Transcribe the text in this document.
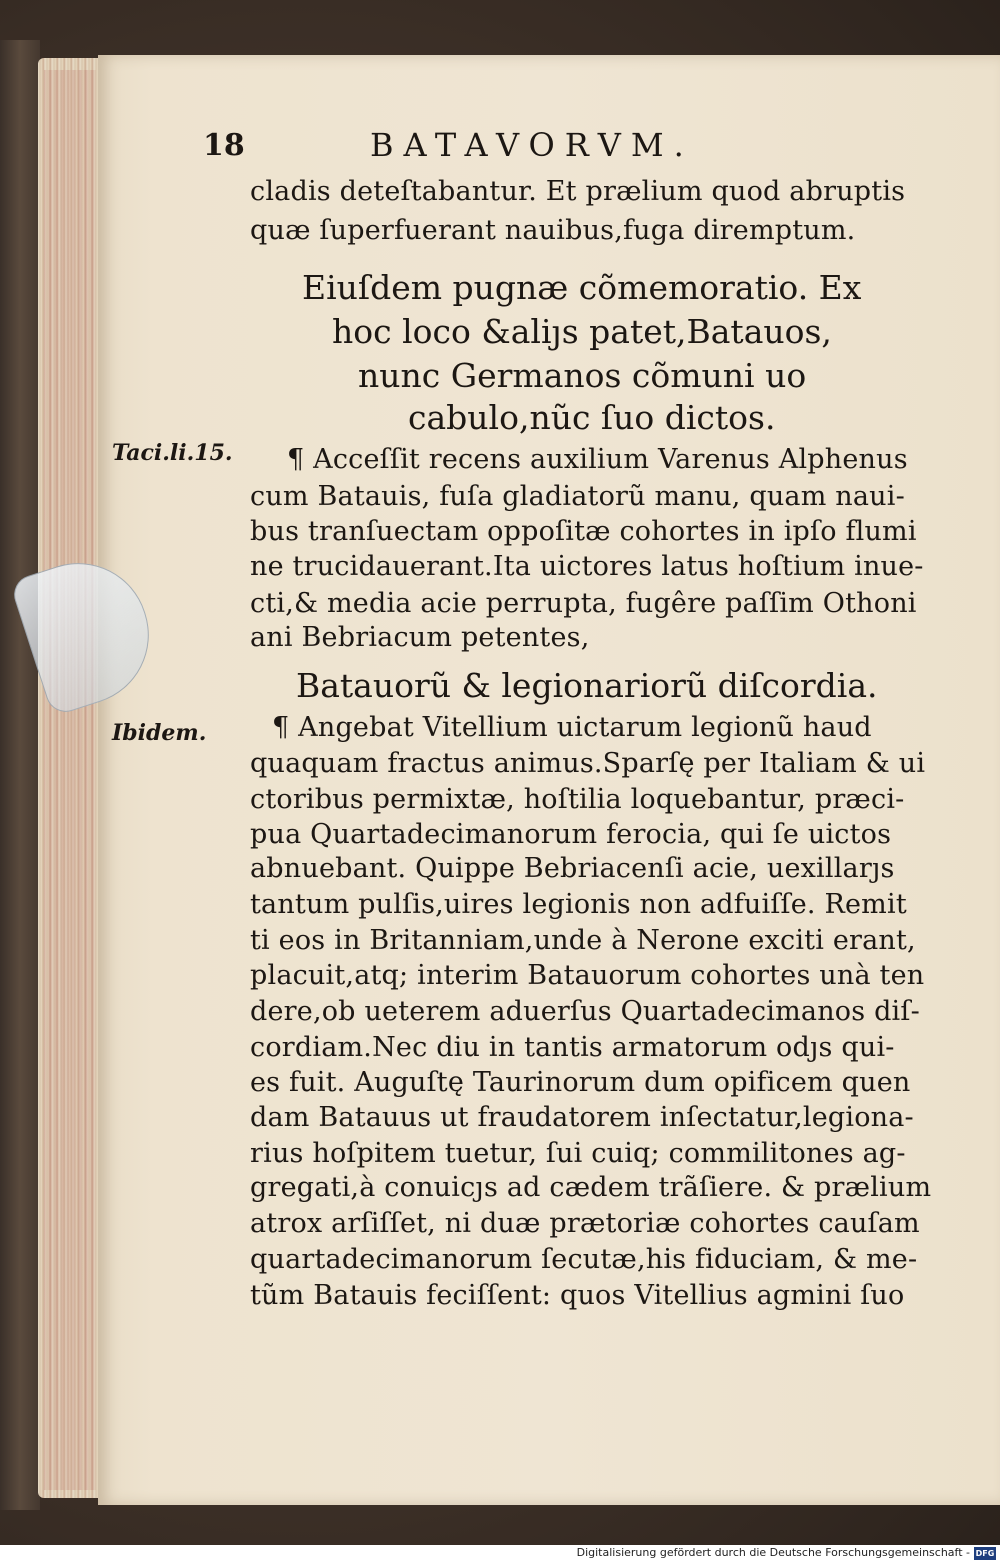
18	BATAVORVM.
Taci.li.15.
Ibidem.
cladis deteſtabantur. Et prælium quod abruptis
quæ ſuperfuerant nauibus,fuga diremptum.
Eiuſdem pugnæ cõmemoratio. Ex
hoc loco &aliȷs patet,Batauos,
nunc Germanos cõmuni uo
cabulo,nũc ſuo dictos.
¶ Acceſſit recens auxilium Varenus Alphenus
cum Batauis, fuſa gladiatorũ manu, quam naui-
bus tranſuectam oppoſitæ cohortes in ipſo flumi
ne trucidauerant.Ita uictores latus hoſtium inue-
cti,& media acie perrupta, fugêre paſſim Othoni
ani Bebriacum petentes,
Batauorũ & legionariorũ diſcordia.
¶ Angebat Vitellium uictarum legionũ haud
quaquam fractus animus.Sparſę per Italiam & ui
ctoribus permixtæ, hoſtilia loquebantur, præci-
pua Quartadecimanorum ferocia, qui ſe uictos
abnuebant. Quippe Bebriacenſi acie, uexillarȷs
tantum pulſis,uires legionis non adfuiſſe. Remit
ti eos in Britanniam,unde à Nerone exciti erant,
placuit,atq; interim Batauorum cohortes unà ten
dere,ob ueterem aduerſus Quartadecimanos diſ-
cordiam.Nec diu in tantis armatorum odȷs qui-
es fuit. Auguſtę Taurinorum dum opificem quen
dam Batauus ut fraudatorem inſectatur,legiona-
rius hoſpitem tuetur, ſui cuiq; commilitones ag-
gregati,à conuicȷs ad cædem trãſiere. & prælium
atrox arſiſſet, ni duæ prætoriæ cohortes cauſam
quartadecimanorum ſecutæ,his fiduciam, & me-
tũm Batauis feciſſent: quos Vitellius agmini ſuo
Digitalisierung gefördert durch die Deutsche Forschungsgemeinschaft - DFG
